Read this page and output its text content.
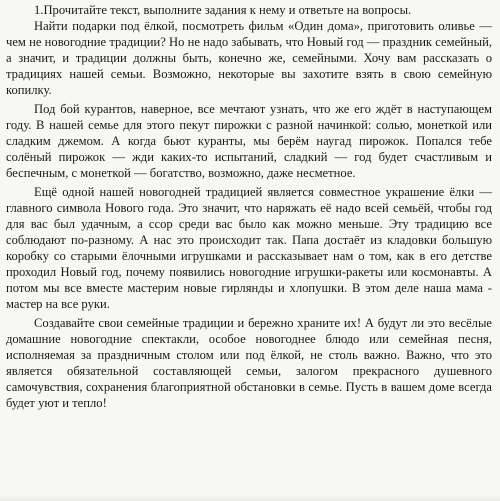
1.Прочитайте текст, выполните задания к нему и ответьте на вопросы.

Найти подарки под ёлкой, посмотреть фильм «Один дома», приготовить оливье — чем не новогодние традиции? Но не надо забывать, что Новый год — праздник семейный, а значит, и традиции должны быть, конечно же, семейными. Хочу вам рассказать о традициях нашей семьи. Возможно, некоторые вы захотите взять в свою семейную копилку.

Под бой курантов, наверное, все мечтают узнать, что же его ждёт в наступающем году. В нашей семье для этого пекут пирожки с разной начинкой: солью, монеткой или сладким джемом. А когда бьют куранты, мы берём наугад пирожок. Попался тебе солёный пирожок — жди каких-то испытаний, сладкий — год будет счастливым и беспечным, с монеткой — богатство, возможно, даже несметное.

Ещё одной нашей новогодней традицией является совместное украшение ёлки — главного символа Нового года. Это значит, что наряжать её надо всей семьёй, чтобы год для вас был удачным, а ссор среди вас было как можно меньше. Эту традицию все соблюдают по-разному. А нас это происходит так. Папа достаёт из кладовки большую коробку со старыми ёлочными игрушками и рассказывает нам о том, как в его детстве проходил Новый год, почему появились новогодние игрушки-ракеты или космонавты. А потом мы все вместе мастерим новые гирлянды и хлопушки. В этом деле наша мама - мастер на все руки.

Создавайте свои семейные традиции и бережно храните их! А будут ли это весёлые домашние новогодние спектакли, особое новогоднее блюдо или семейная песня, исполняемая за праздничным столом или под ёлкой, не столь важно. Важно, что это является обязательной составляющей семьи, залогом прекрасного душевного самочувствия, сохранения благоприятной обстановки в семье. Пусть в вашем доме всегда будет уют и тепло!
